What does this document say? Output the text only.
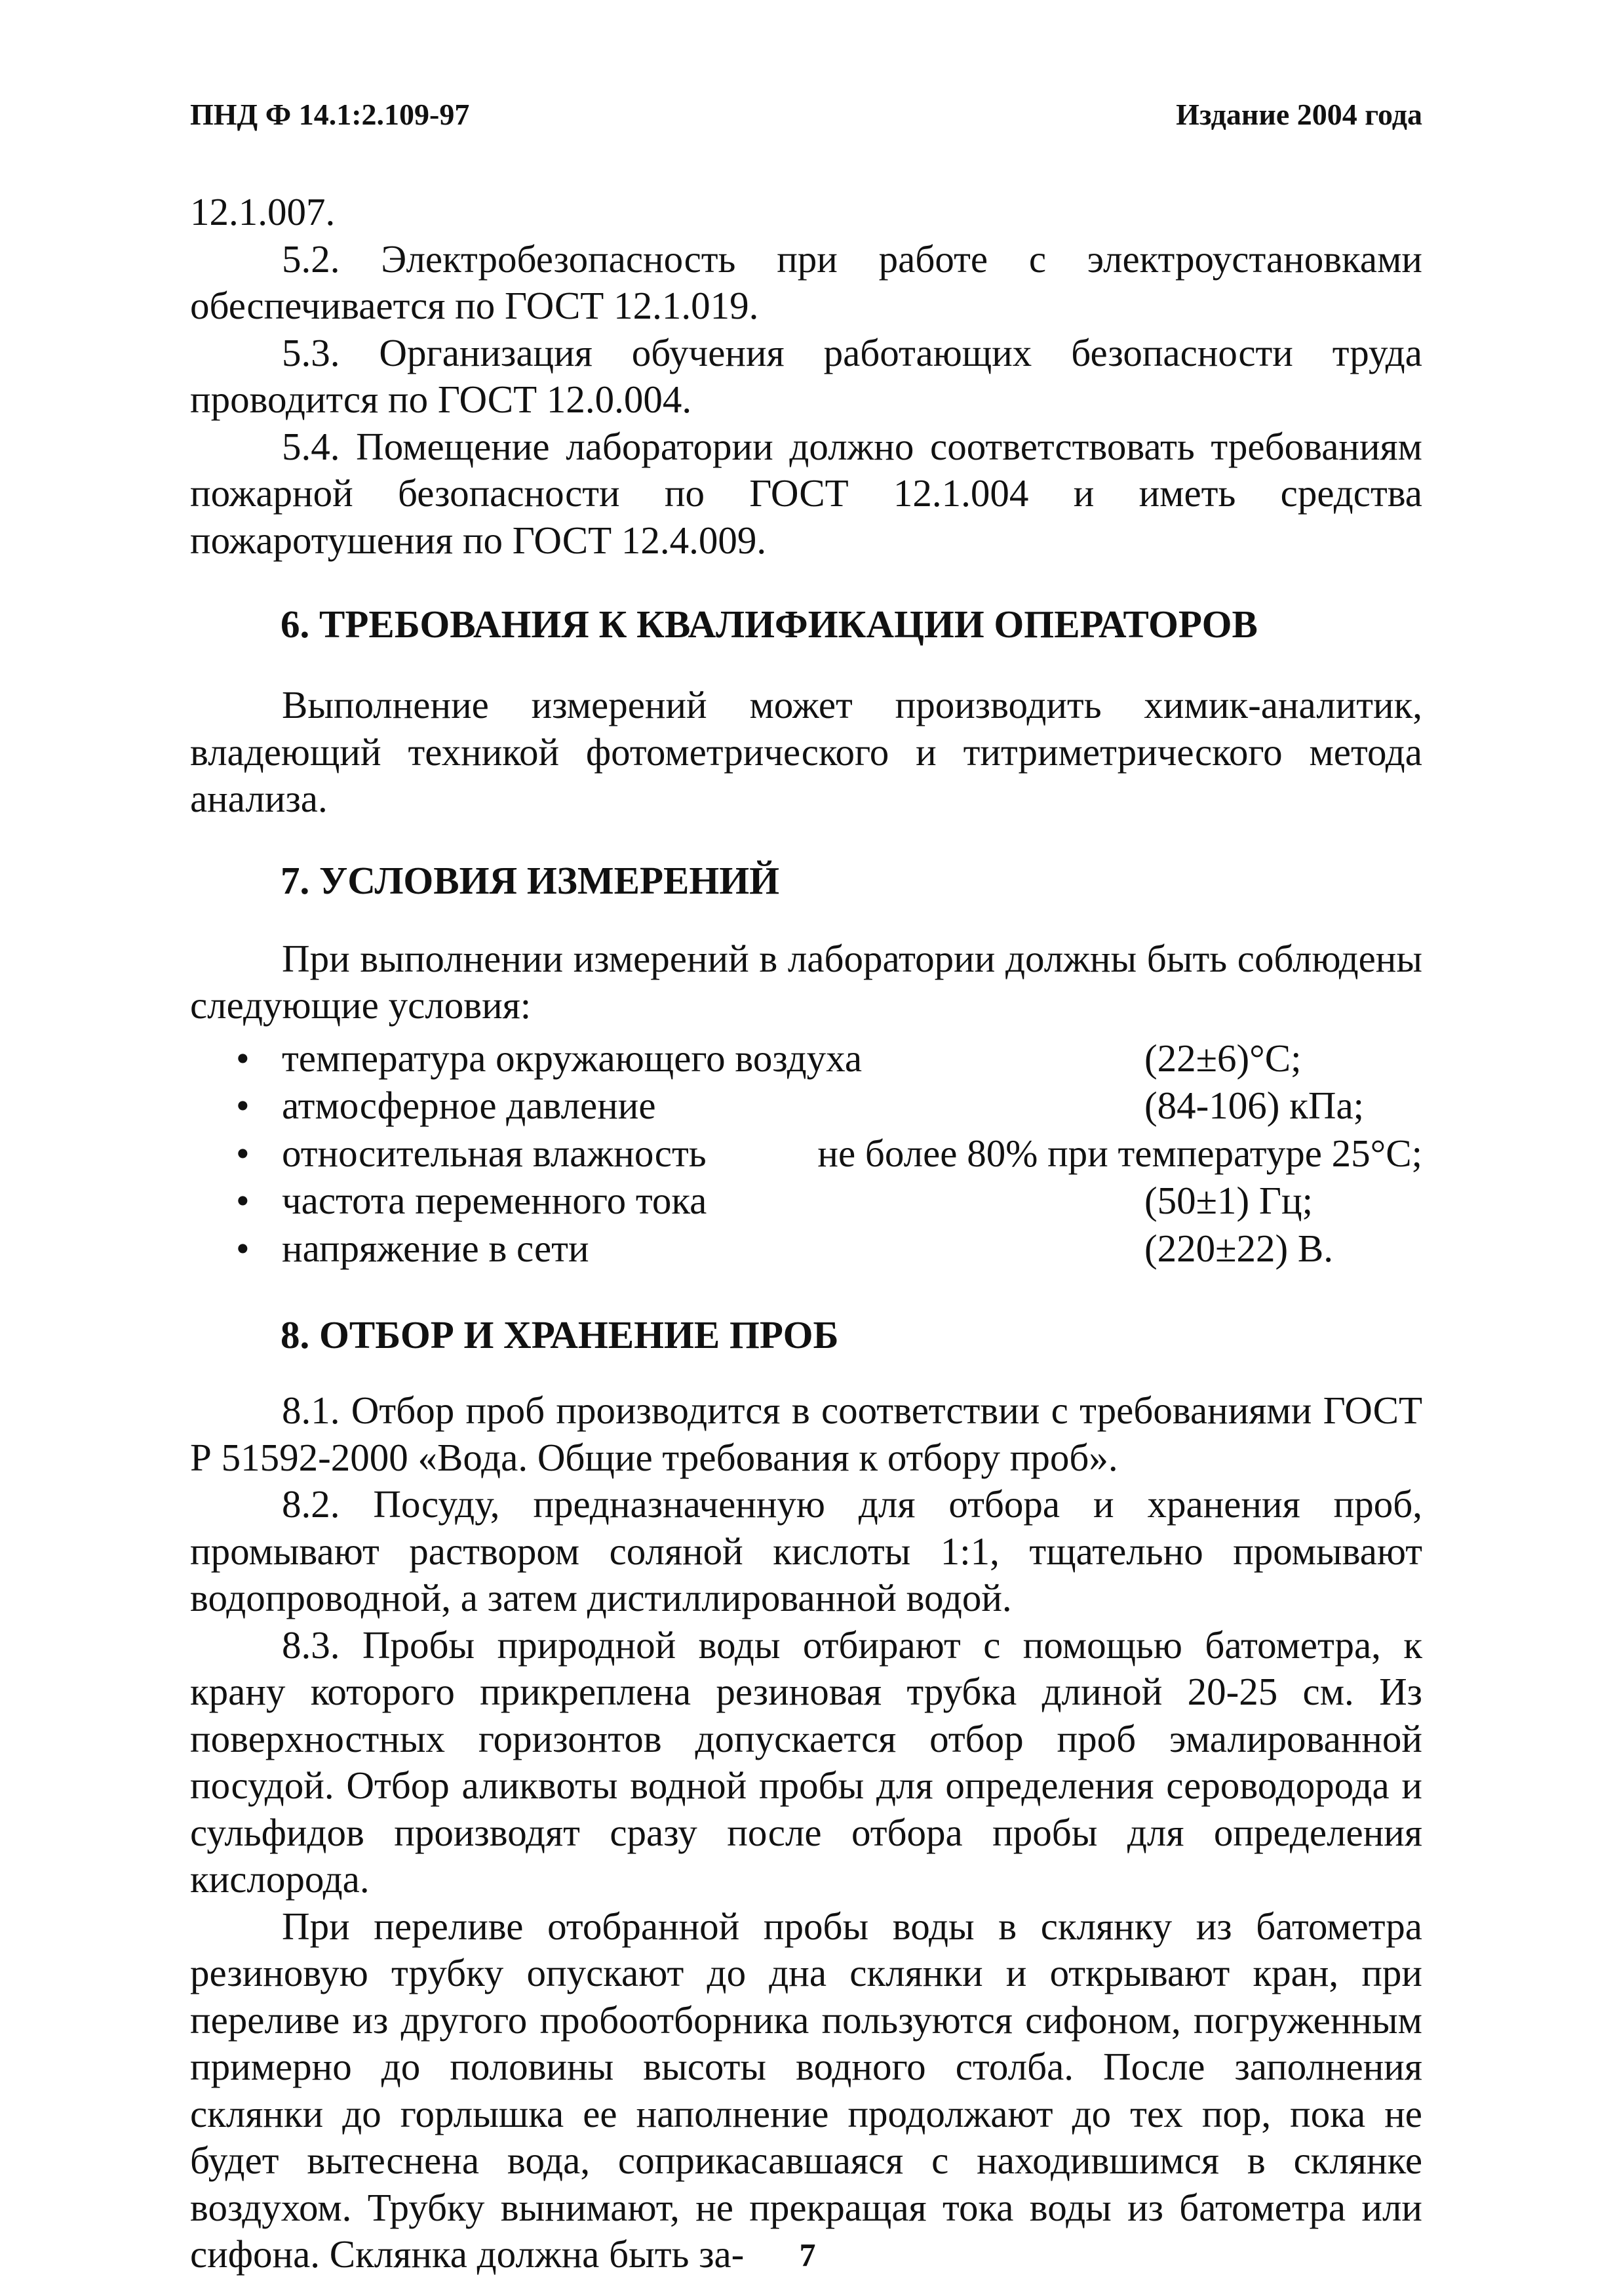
ПНД Ф 14.1:2.109-97	Издание 2004 года

12.1.007.

5.2. Электробезопасность при работе с электроустановками обеспечивается по ГОСТ 12.1.019.

5.3. Организация обучения работающих безопасности труда проводится по ГОСТ 12.0.004.

5.4. Помещение лаборатории должно соответствовать требованиям пожарной безопасности по ГОСТ 12.1.004 и иметь средства пожаротушения по ГОСТ 12.4.009.

6. ТРЕБОВАНИЯ К КВАЛИФИКАЦИИ ОПЕРАТОРОВ

Выполнение измерений может производить химик-аналитик, владеющий техникой фотометрического и титриметрического метода анализа.

7. УСЛОВИЯ ИЗМЕРЕНИЙ

При выполнении измерений в лаборатории должны быть соблюдены следующие условия:

• температура окружающего воздуха	(22±6)°С;
• атмосферное давление	(84-106) кПа;
• относительная влажность	не более 80% при температуре 25°С;
• частота переменного тока	(50±1) Гц;
• напряжение в сети	(220±22) В.
8. ОТБОР И ХРАНЕНИЕ ПРОБ

8.1. Отбор проб производится в соответствии с требованиями ГОСТ Р 51592-2000 «Вода. Общие требования к отбору проб».

8.2. Посуду, предназначенную для отбора и хранения проб, промывают раствором соляной кислоты 1:1, тщательно промывают водопроводной, а затем дистиллированной водой.

8.3. Пробы природной воды отбирают с помощью батометра, к крану которого прикреплена резиновая трубка длиной 20-25 см. Из поверхностных горизонтов допускается отбор проб эмалированной посудой. Отбор аликвоты водной пробы для определения сероводорода и сульфидов производят сразу после отбора пробы для определения кислорода.

При переливе отобранной пробы воды в склянку из батометра резиновую трубку опускают до дна склянки и открывают кран, при переливе из другого пробоотборника пользуются сифоном, погруженным примерно до половины высоты водного столба. После заполнения склянки до горлышка ее наполнение продолжают до тех пор, пока не будет вытеснена вода, соприкасавшаяся с находившимся в склянке воздухом. Трубку вынимают, не прекращая тока воды из батометра или сифона. Склянка должна быть за-	7
